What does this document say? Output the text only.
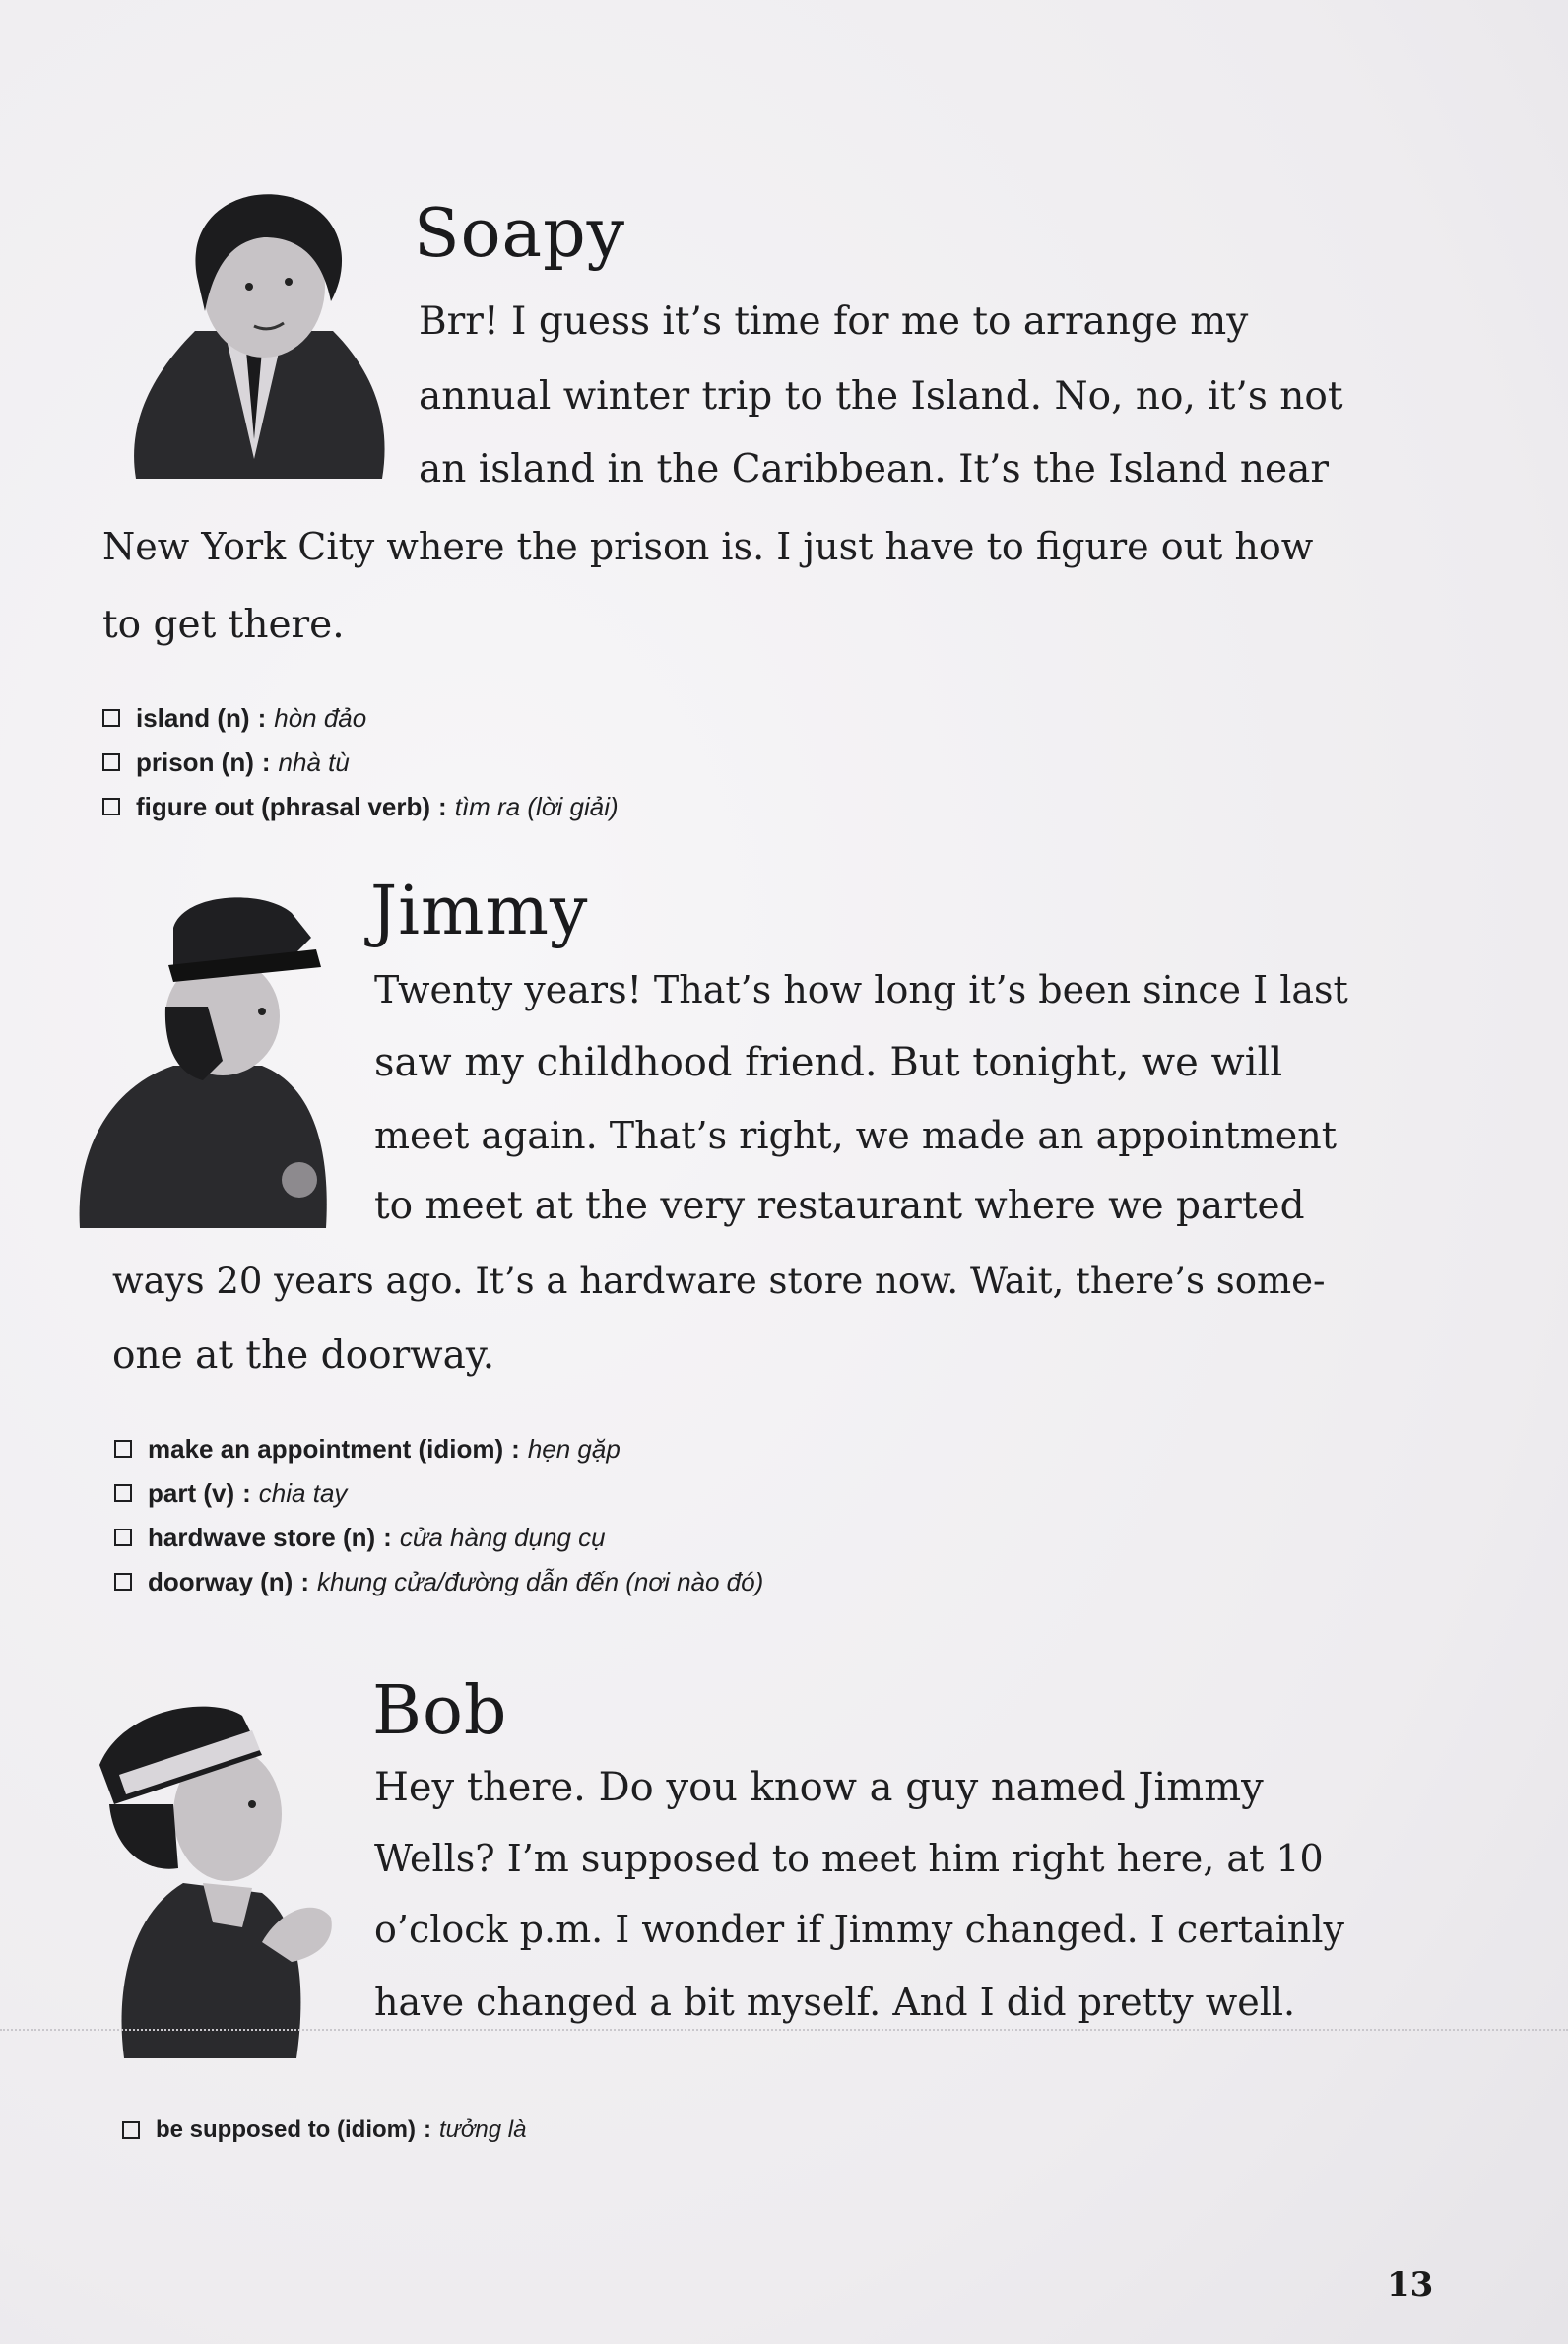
Soapy
Brr! I guess it’s time for me to arrange my
annual winter trip to the Island. No, no, it’s not
an island in the Caribbean. It’s the Island near
New York City where the prison is. I just have to figure out how
to get there.
island (n) : hòn đảo
prison (n) : nhà tù
figure out (phrasal verb) : tìm ra (lời giải)
Jimmy
Twenty years! That’s how long it’s been since I last
saw my childhood friend. But tonight, we will
meet again. That’s right, we made an appointment
to meet at the very restaurant where we parted
ways 20 years ago. It’s a hardware store now. Wait, there’s some-
one at the doorway.
make an appointment (idiom) : hẹn gặp
part (v) : chia tay
hardwave store (n) : cửa hàng dụng cụ
doorway (n) : khung cửa/đường dẫn đến (nơi nào đó)
Bob
Hey there. Do you know a guy named Jimmy
Wells? I’m supposed to meet him right here, at 10
o’clock p.m. I wonder if Jimmy changed. I certainly
have changed a bit myself. And I did pretty well.
be supposed to (idiom) : tưởng là
13
